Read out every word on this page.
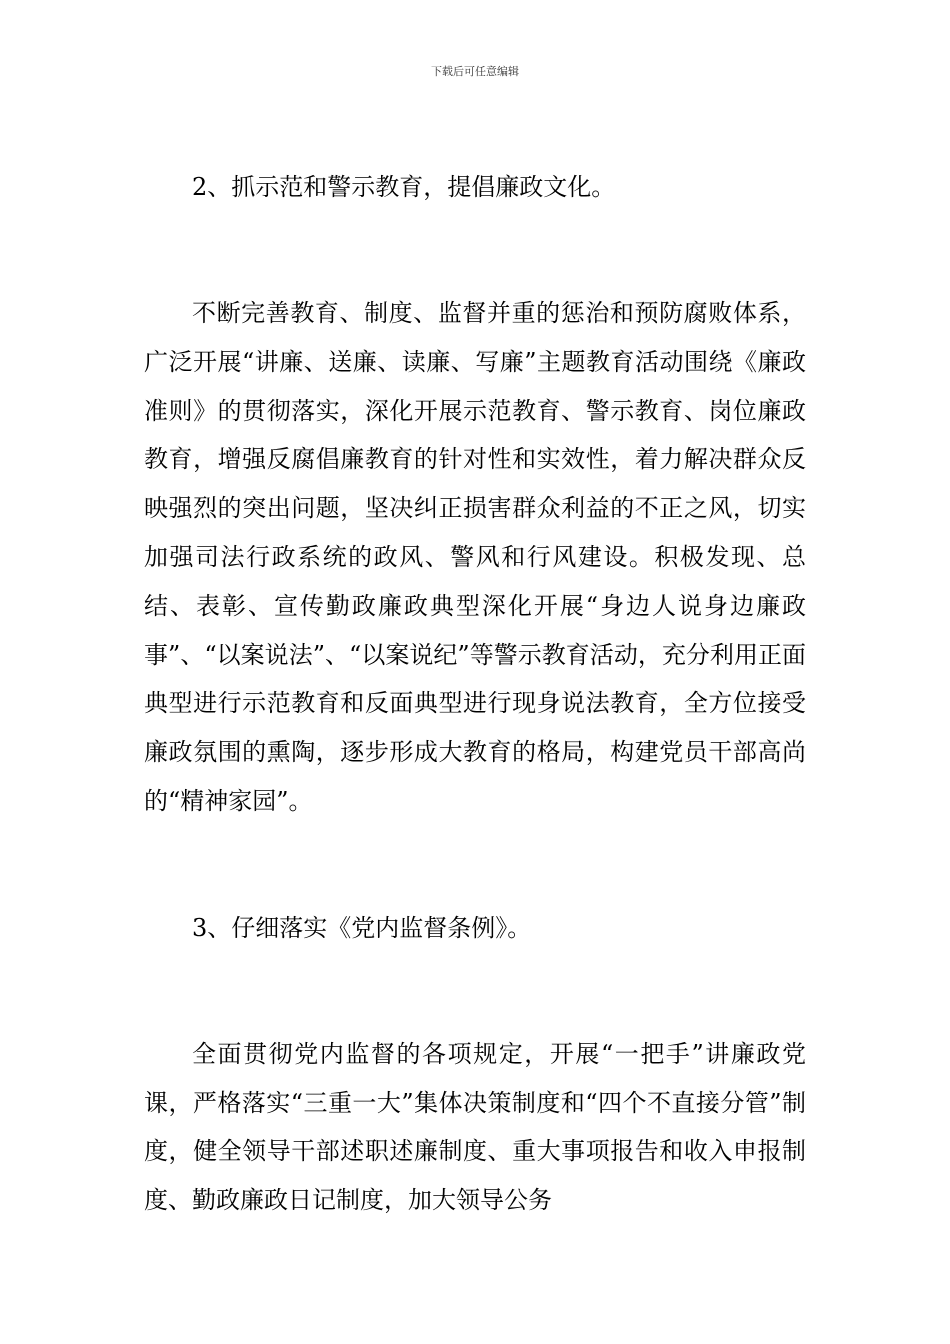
下载后可任意编辑

2、抓示范和警示教育，提倡廉政文化。

不断完善教育、制度、监督并重的惩治和预防腐败体系，广泛开展“讲廉、送廉、读廉、写廉”主题教育活动围绕《廉政准则》的贯彻落实，深化开展示范教育、警示教育、岗位廉政教育，增强反腐倡廉教育的针对性和实效性，着力解决群众反映强烈的突出问题，坚决纠正损害群众利益的不正之风，切实加强司法行政系统的政风、警风和行风建设。积极发现、总结、表彰、宣传勤政廉政典型深化开展“身边人说身边廉政事”、“以案说法”、“以案说纪”等警示教育活动，充分利用正面典型进行示范教育和反面典型进行现身说法教育，全方位接受廉政氛围的熏陶，逐步形成大教育的格局，构建党员干部高尚的“精神家园”。

3、仔细落实《党内监督条例》。

全面贯彻党内监督的各项规定，开展“一把手”讲廉政党课，严格落实“三重一大”集体决策制度和“四个不直接分管”制度，健全领导干部述职述廉制度、重大事项报告和收入申报制度、勤政廉政日记制度，加大领导公务
